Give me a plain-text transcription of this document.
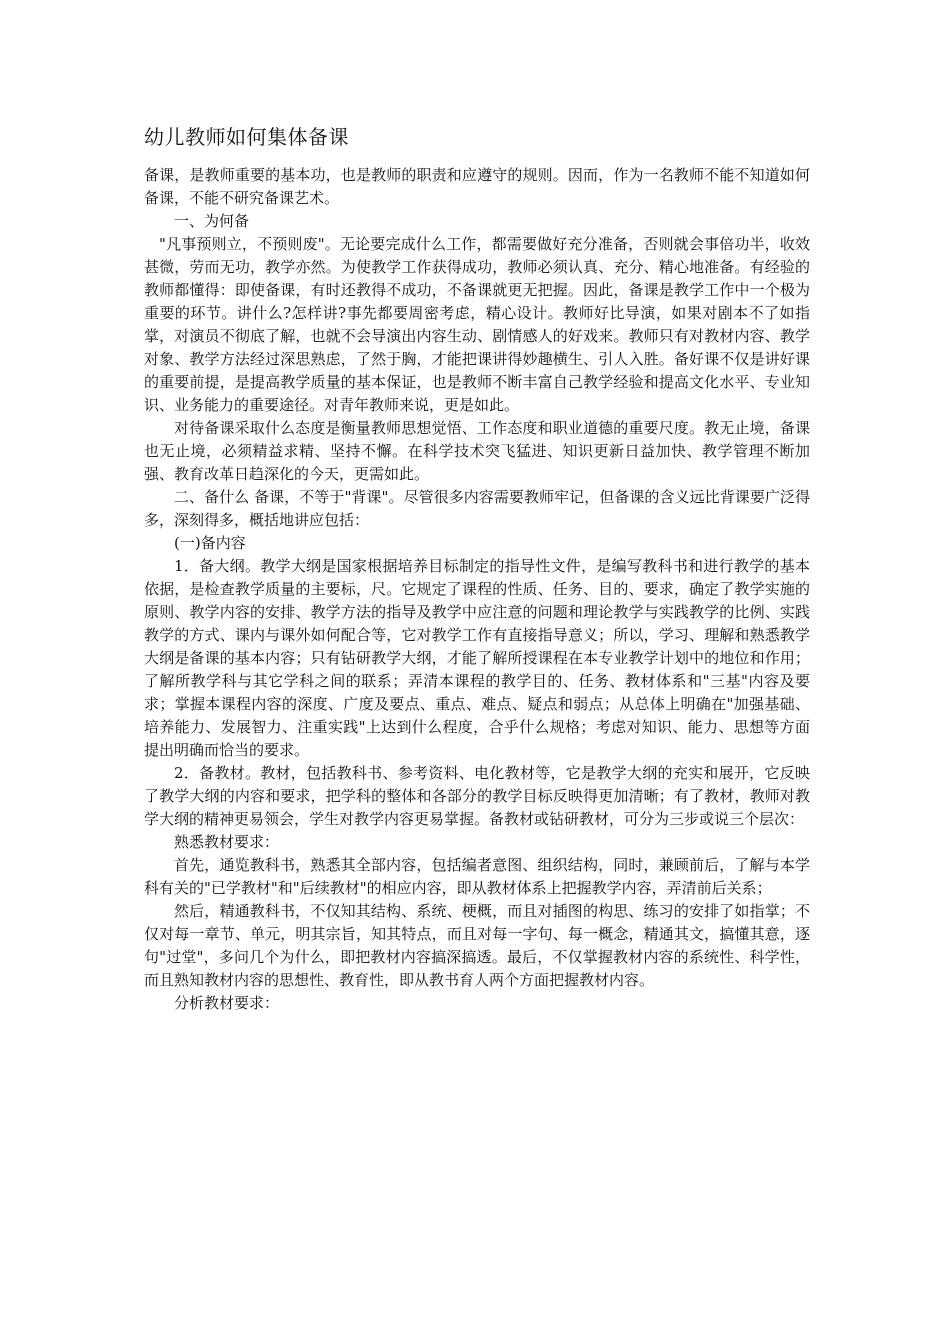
幼儿教师如何集体备课

备课，是教师重要的基本功，也是教师的职责和应遵守的规则。因而，作为一名教师不能不知道如何备课，不能不研究备课艺术。

一、为何备

"凡事预则立，不预则废"。无论要完成什么工作，都需要做好充分准备，否则就会事倍功半，收效甚微，劳而无功，教学亦然。为使教学工作获得成功，教师必须认真、充分、精心地准备。有经验的教师都懂得：即使备课，有时还教得不成功，不备课就更无把握。因此，备课是教学工作中一个极为重要的环节。讲什么?怎样讲?事先都要周密考虑，精心设计。教师好比导演，如果对剧本不了如指掌，对演员不彻底了解，也就不会导演出内容生动、剧情感人的好戏来。教师只有对教材内容、教学对象、教学方法经过深思熟虑，了然于胸，才能把课讲得妙趣横生、引人入胜。备好课不仅是讲好课的重要前提，是提高教学质量的基本保证，也是教师不断丰富自己教学经验和提高文化水平、专业知识、业务能力的重要途径。对青年教师来说，更是如此。

对待备课采取什么态度是衡量教师思想觉悟、工作态度和职业道德的重要尺度。教无止境，备课也无止境，必须精益求精、坚持不懈。在科学技术突飞猛进、知识更新日益加快、教学管理不断加强、教育改革日趋深化的今天，更需如此。

二、备什么 备课，不等于"背课"。尽管很多内容需要教师牢记，但备课的含义远比背课要广泛得多，深刻得多，概括地讲应包括：

(一)备内容

1．备大纲。教学大纲是国家根据培养目标制定的指导性文件，是编写教科书和进行教学的基本依据，是检查教学质量的主要标，尺。它规定了课程的性质、任务、目的、要求，确定了教学实施的原则、教学内容的安排、教学方法的指导及教学中应注意的问题和理论教学与实践教学的比例、实践教学的方式、课内与课外如何配合等，它对教学工作有直接指导意义；所以，学习、理解和熟悉教学大纲是备课的基本内容；只有钻研教学大纲，才能了解所授课程在本专业教学计划中的地位和作用；了解所教学科与其它学科之间的联系；弄清本课程的教学目的、任务、教材体系和"三基"内容及要求；掌握本课程内容的深度、广度及要点、重点、难点、疑点和弱点；从总体上明确在"加强基础、培养能力、发展智力、注重实践"上达到什么程度，合乎什么规格；考虑对知识、能力、思想等方面提出明确而恰当的要求。

2．备教材。教材，包括教科书、参考资料、电化教材等，它是教学大纲的充实和展开，它反映了教学大纲的内容和要求，把学科的整体和各部分的教学目标反映得更加清晰；有了教材，教师对教学大纲的精神更易领会，学生对教学内容更易掌握。备教材或钻研教材，可分为三步或说三个层次：

熟悉教材要求：

首先，通览教科书，熟悉其全部内容，包括编者意图、组织结构，同时，兼顾前后，了解与本学科有关的"已学教材"和"后续教材"的相应内容，即从教材体系上把握教学内容，弄清前后关系；

然后，精通教科书，不仅知其结构、系统、梗概，而且对插图的构思、练习的安排了如指掌；不仅对每一章节、单元，明其宗旨，知其特点，而且对每一字句、每一概念，精通其文，搞懂其意，逐句"过堂"，多问几个为什么，即把教材内容搞深搞透。最后，不仅掌握教材内容的系统性、科学性，而且熟知教材内容的思想性、教育性，即从教书育人两个方面把握教材内容。

分析教材要求：
